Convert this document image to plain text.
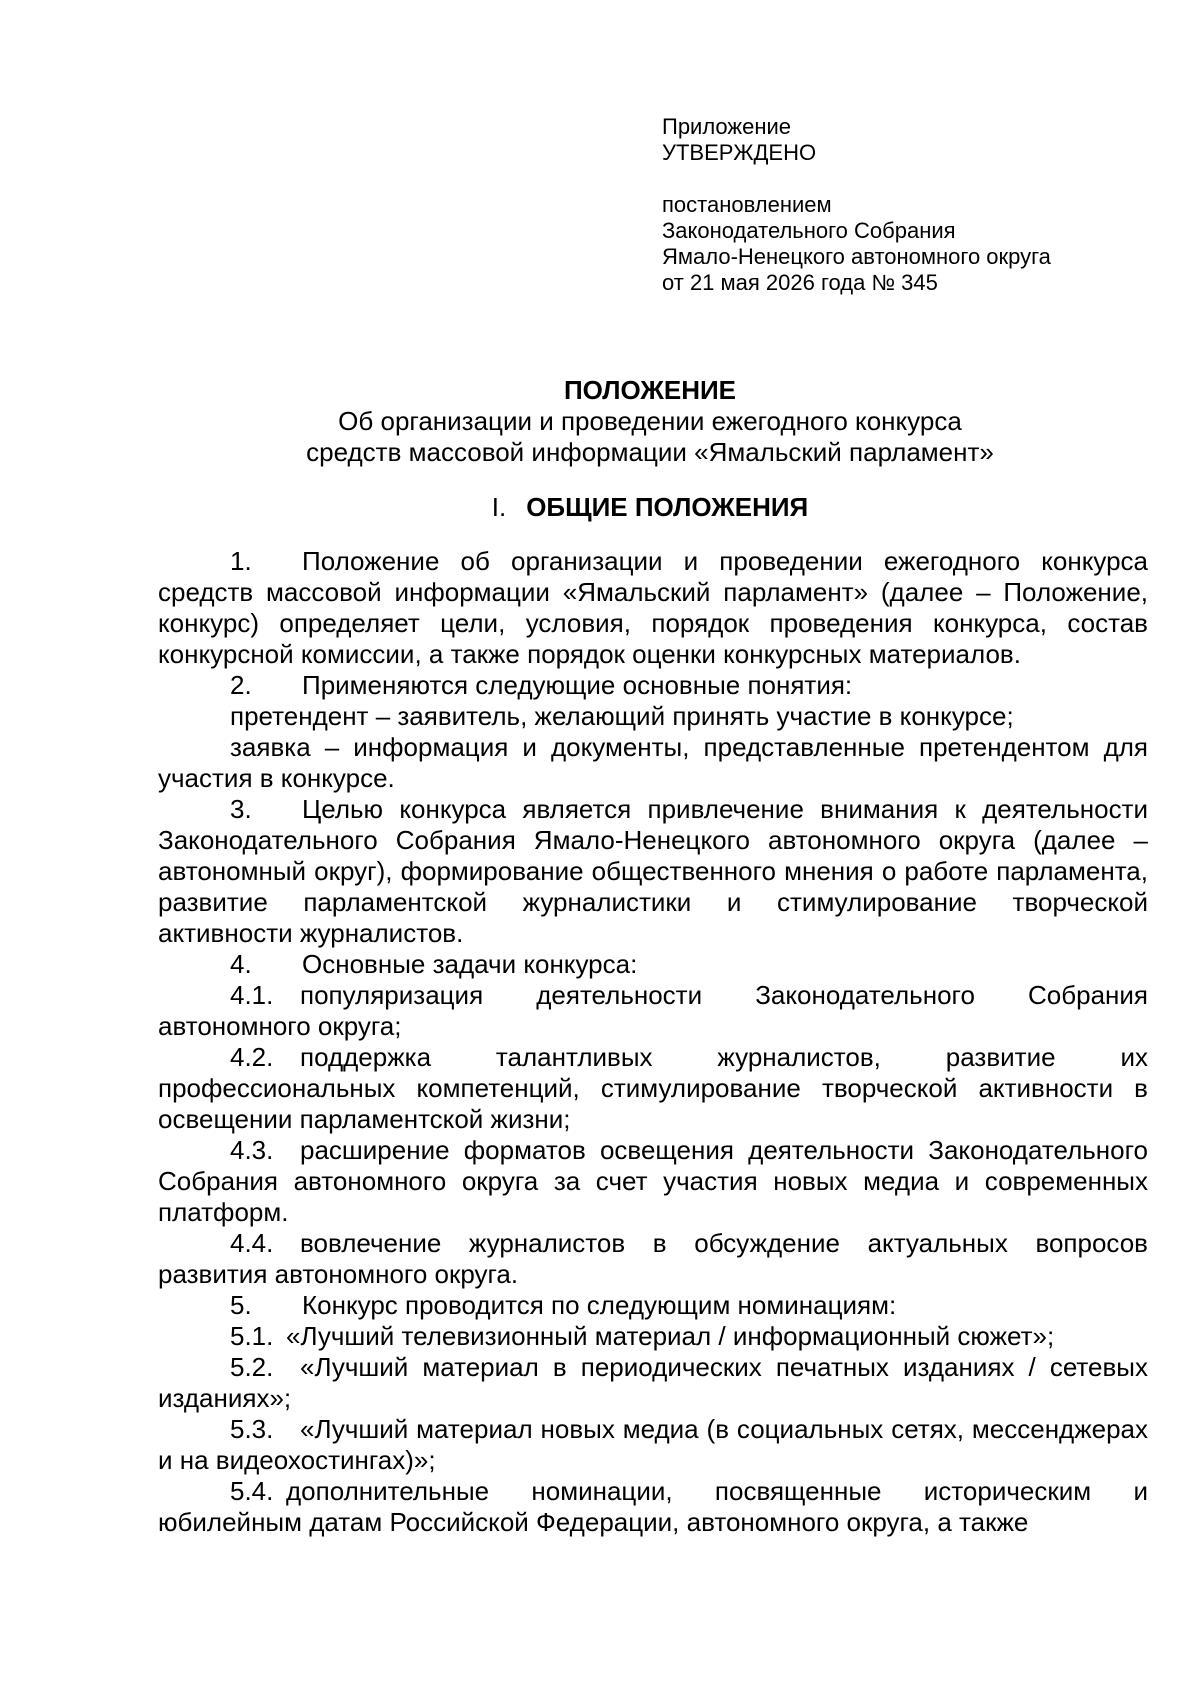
Приложение
УТВЕРЖДЕНО
постановлением
Законодательного Собрания
Ямало-Ненецкого автономного округа
от 21 мая 2026 года № 345
ПОЛОЖЕНИЕ
Об организации и проведении ежегодного конкурса
средств массовой информации «Ямальский парламент»
I. ОБЩИЕ ПОЛОЖЕНИЯ

1. Положение об организации и проведении ежегодного конкурса средств массовой информации «Ямальский парламент» (далее – Положение, конкурс) определяет цели, условия, порядок проведения конкурса, состав конкурсной комиссии, а также порядок оценки конкурсных материалов.

2. Применяются следующие основные понятия:

претендент – заявитель, желающий принять участие в конкурсе;

заявка – информация и документы, представленные претендентом для участия в конкурсе.

3. Целью конкурса является привлечение внимания к деятельности Законодательного Собрания Ямало-Ненецкого автономного округа (далее – автономный округ), формирование общественного мнения о работе парламента, развитие парламентской журналистики и стимулирование творческой активности журналистов.

4. Основные задачи конкурса:

4.1. популяризация деятельности Законодательного Собрания автономного округа;

4.2. поддержка талантливых журналистов, развитие их профессиональных компетенций, стимулирование творческой активности в освещении парламентской жизни;

4.3. расширение форматов освещения деятельности Законодательного Собрания автономного округа за счет участия новых медиа и современных платформ.

4.4. вовлечение журналистов в обсуждение актуальных вопросов развития автономного округа.

5. Конкурс проводится по следующим номинациям:

5.1. «Лучший телевизионный материал / информационный сюжет»;

5.2. «Лучший материал в периодических печатных изданиях / сетевых изданиях»;

5.3. «Лучший материал новых медиа (в социальных сетях, мессенджерах и на видеохостингах)»;

5.4. дополнительные номинации, посвященные историческим и юбилейным датам Российской Федерации, автономного округа, а также
